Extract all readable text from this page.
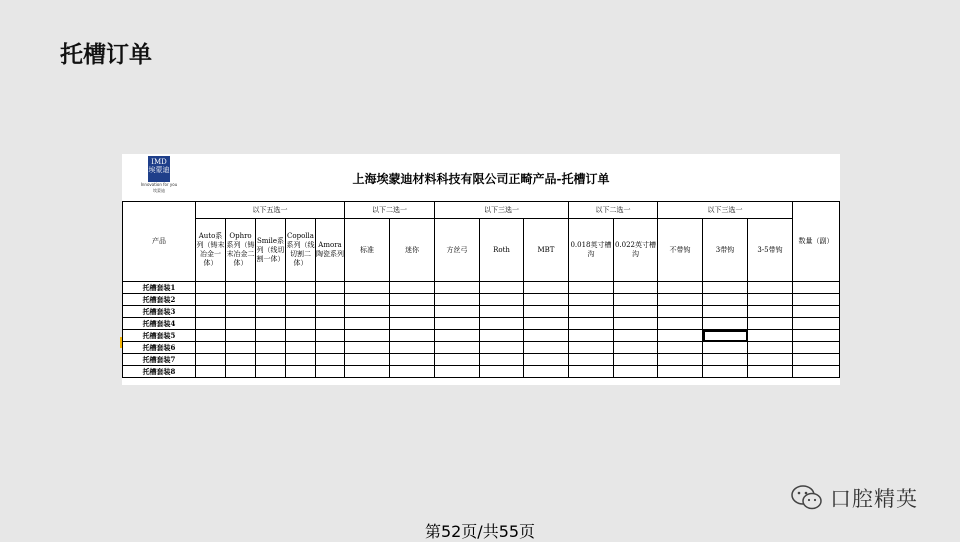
托槽订单
IMD
埃蒙迪
Innovation for you
埃蒙迪
上海埃蒙迪材料科技有限公司正畸产品-托槽订单
产品	以下五选一					以下二选一		以下三选一			以下二选一		以下三选一			数量（副）
	Auto系列（铸末冶金一体）	Ophro系列（铸末冶金二体）	Smile系列（线切割一体）	Copolla系列（线切割二体）	Amora陶瓷系列	标准	迷你	方丝弓	Roth	MBT	0.018英寸槽沟	0.022英寸槽沟	不带钩	3带钩	3-5带钩	
托槽套装1																
托槽套装2																
托槽套装3																
托槽套装4																
托槽套装5																
托槽套装6																
托槽套装7																
托槽套装8																
口腔精英
第52页/共55页
